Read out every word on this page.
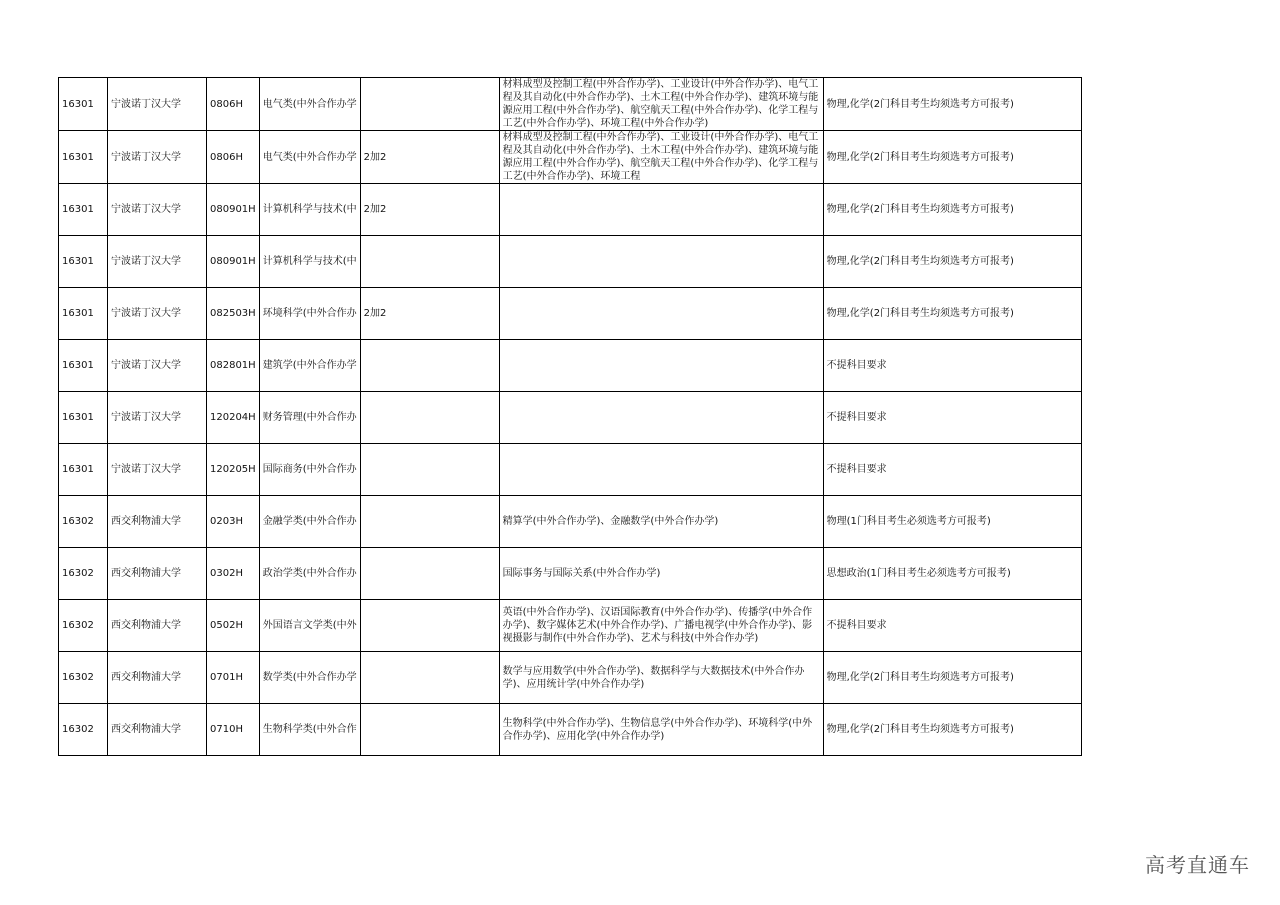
16301	宁波诺丁汉大学	0806H	电气类(中外合作办学		材料成型及控制工程(中外合作办学)、工业设计(中外合作办学)、电气工程及其自动化(中外合作办学)、土木工程(中外合作办学)、建筑环境与能源应用工程(中外合作办学)、航空航天工程(中外合作办学)、化学工程与工艺(中外合作办学)、环境工程(中外合作办学)	物理,化学(2门科目考生均须选考方可报考)
16301	宁波诺丁汉大学	0806H	电气类(中外合作办学	2加2	材料成型及控制工程(中外合作办学)、工业设计(中外合作办学)、电气工程及其自动化(中外合作办学)、土木工程(中外合作办学)、建筑环境与能源应用工程(中外合作办学)、航空航天工程(中外合作办学)、化学工程与工艺(中外合作办学)、环境工程	物理,化学(2门科目考生均须选考方可报考)
16301	宁波诺丁汉大学	080901H	计算机科学与技术(中	2加2		物理,化学(2门科目考生均须选考方可报考)
16301	宁波诺丁汉大学	080901H	计算机科学与技术(中			物理,化学(2门科目考生均须选考方可报考)
16301	宁波诺丁汉大学	082503H	环境科学(中外合作办	2加2		物理,化学(2门科目考生均须选考方可报考)
16301	宁波诺丁汉大学	082801H	建筑学(中外合作办学			不提科目要求
16301	宁波诺丁汉大学	120204H	财务管理(中外合作办			不提科目要求
16301	宁波诺丁汉大学	120205H	国际商务(中外合作办			不提科目要求
16302	西交利物浦大学	0203H	金融学类(中外合作办		精算学(中外合作办学)、金融数学(中外合作办学)	物理(1门科目考生必须选考方可报考)
16302	西交利物浦大学	0302H	政治学类(中外合作办		国际事务与国际关系(中外合作办学)	思想政治(1门科目考生必须选考方可报考)
16302	西交利物浦大学	0502H	外国语言文学类(中外		英语(中外合作办学)、汉语国际教育(中外合作办学)、传播学(中外合作办学)、数字媒体艺术(中外合作办学)、广播电视学(中外合作办学)、影视摄影与制作(中外合作办学)、艺术与科技(中外合作办学)	不提科目要求
16302	西交利物浦大学	0701H	数学类(中外合作办学		数学与应用数学(中外合作办学)、数据科学与大数据技术(中外合作办学)、应用统计学(中外合作办学)	物理,化学(2门科目考生均须选考方可报考)
16302	西交利物浦大学	0710H	生物科学类(中外合作		生物科学(中外合作办学)、生物信息学(中外合作办学)、环境科学(中外合作办学)、应用化学(中外合作办学)	物理,化学(2门科目考生均须选考方可报考)
高考直通车
